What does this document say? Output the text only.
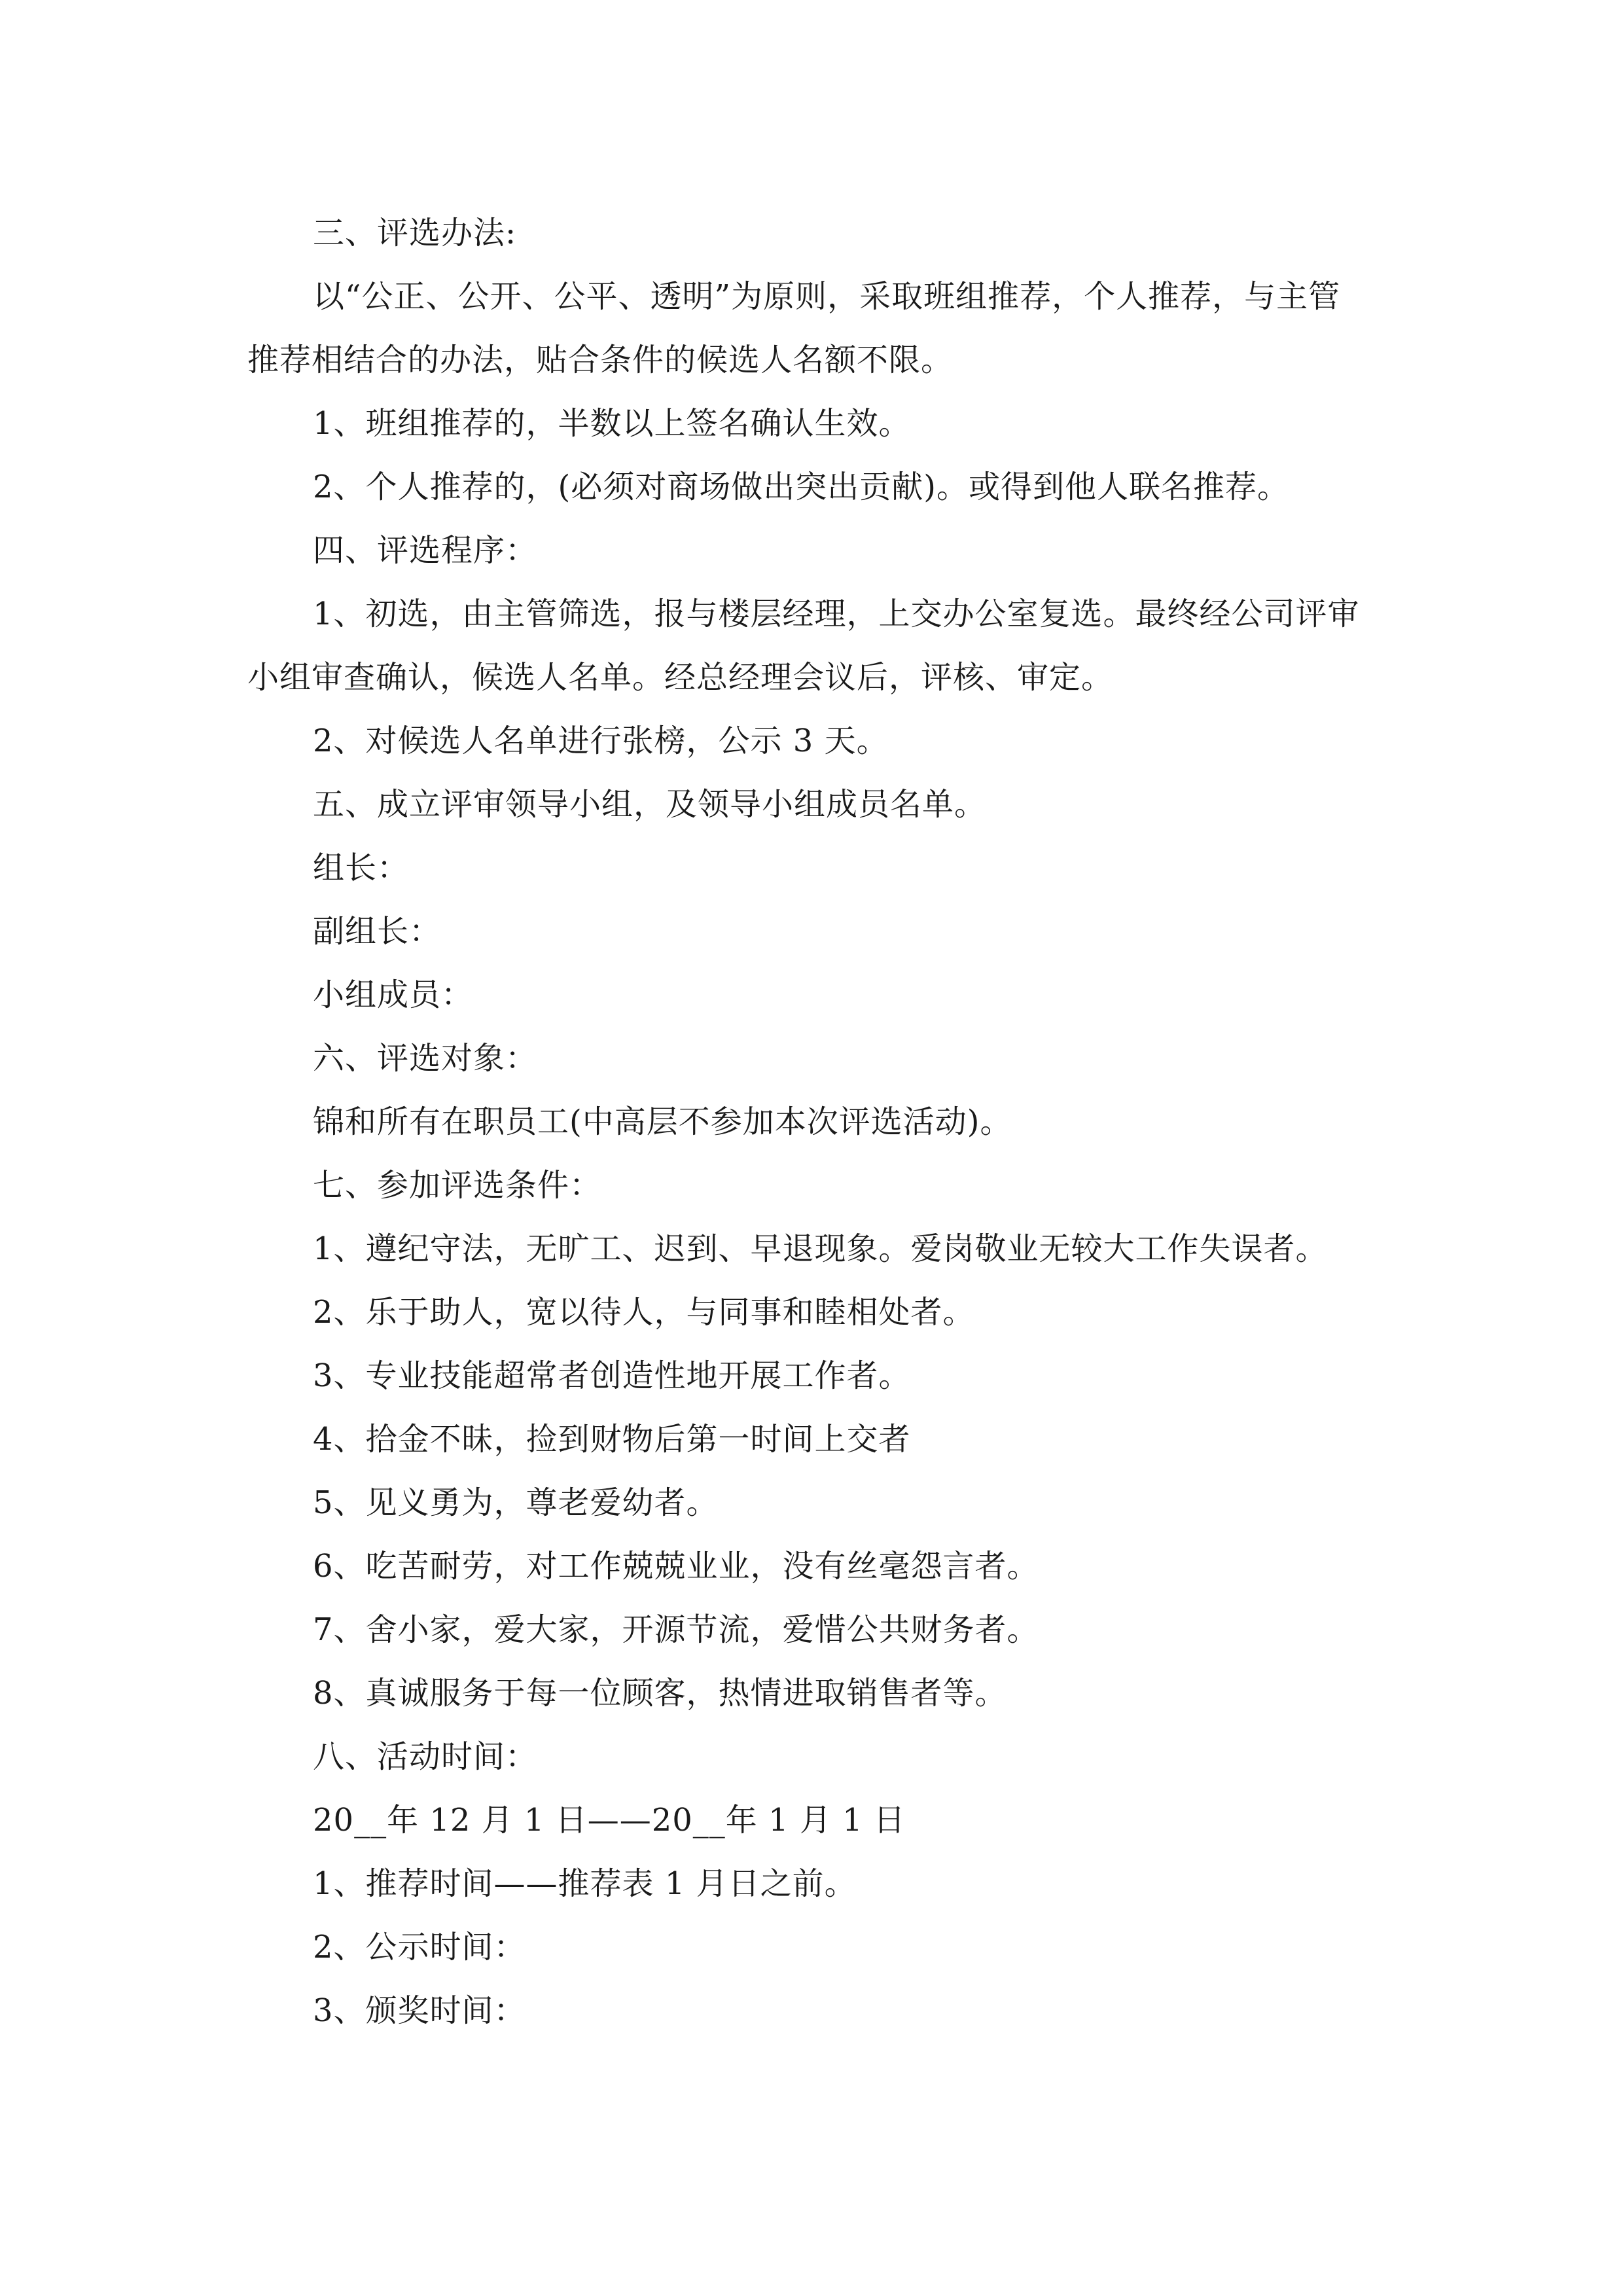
三、评选办法:

以“公正、公开、公平、透明”为原则，采取班组推荐，个人推荐，与主管

推荐相结合的办法，贴合条件的候选人名额不限。

1、班组推荐的，半数以上签名确认生效。

2、个人推荐的，(必须对商场做出突出贡献)。或得到他人联名推荐。

四、评选程序：

1、初选，由主管筛选，报与楼层经理，上交办公室复选。最终经公司评审

小组审查确认，候选人名单。经总经理会议后，评核、审定。

2、对候选人名单进行张榜，公示 3 天。

五、成立评审领导小组，及领导小组成员名单。

组长：

副组长：

小组成员：

六、评选对象：

锦和所有在职员工(中高层不参加本次评选活动)。

七、参加评选条件：

1、遵纪守法，无旷工、迟到、早退现象。爱岗敬业无较大工作失误者。

2、乐于助人，宽以待人，与同事和睦相处者。

3、专业技能超常者创造性地开展工作者。

4、拾金不昧，捡到财物后第一时间上交者

5、见义勇为，尊老爱幼者。

6、吃苦耐劳，对工作兢兢业业，没有丝毫怨言者。

7、舍小家，爱大家，开源节流，爱惜公共财务者。

8、真诚服务于每一位顾客，热情进取销售者等。

八、活动时间：

20__年 12 月 1 日——20__年 1 月 1 日

1、推荐时间——推荐表 1 月日之前。

2、公示时间：

3、颁奖时间：
